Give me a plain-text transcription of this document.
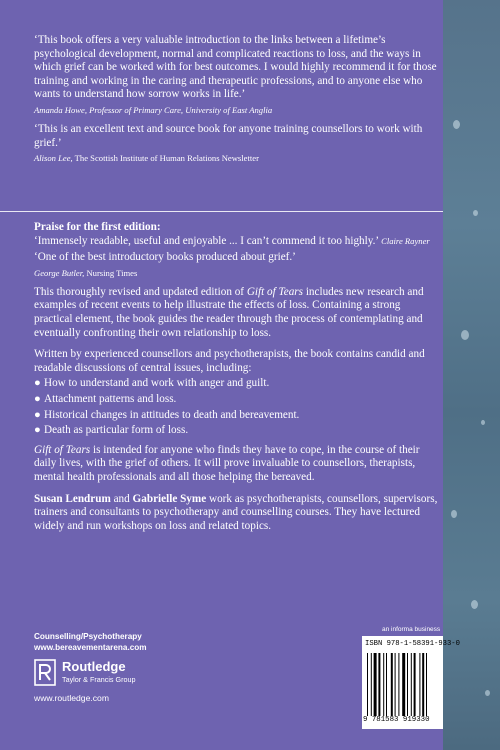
‘This book offers a very valuable introduction to the links between a lifetime’s psychological development, normal and complicated reactions to loss, and the ways in which grief can be worked with for best outcomes. I would highly recommend it for those training and working in the caring and therapeutic professions, and to anyone else who wants to understand how sorrow works in life.’

Amanda Howe, Professor of Primary Care, University of East Anglia

‘This is an excellent text and source book for anyone training counsellors to work with grief.’

Alison Lee, The Scottish Institute of Human Relations Newsletter

Praise for the first edition:

‘Immensely readable, useful and enjoyable ... I can’t commend it too highly.’ Claire Rayner

‘One of the best introductory books produced about grief.’

George Butler, Nursing Times

This thoroughly revised and updated edition of Gift of Tears includes new research and examples of recent events to help illustrate the effects of loss. Containing a strong practical element, the book guides the reader through the process of contemplating and eventually confronting their own relationship to loss.

Written by experienced counsellors and psychotherapists, the book contains candid and readable discussions of central issues, including:

● How to understand and work with anger and guilt.
● Attachment patterns and loss.
● Historical changes in attitudes to death and bereavement.
● Death as particular form of loss.

Gift of Tears is intended for anyone who finds they have to cope, in the course of their daily lives, with the grief of others. It will prove invaluable to counsellors, therapists, mental health professionals and all those helping the bereaved.

Susan Lendrum and Gabrielle Syme work as psychotherapists, counsellors, supervisors, trainers and consultants to psychotherapy and counselling courses. They have lectured widely and run workshops on loss and related topics.

Counselling/Psychotherapy
www.bereavementarena.com
Routledge
Taylor & Francis Group
www.routledge.com
an informa business
ISBN 978-1-58391-933-0
9 781583 919330
